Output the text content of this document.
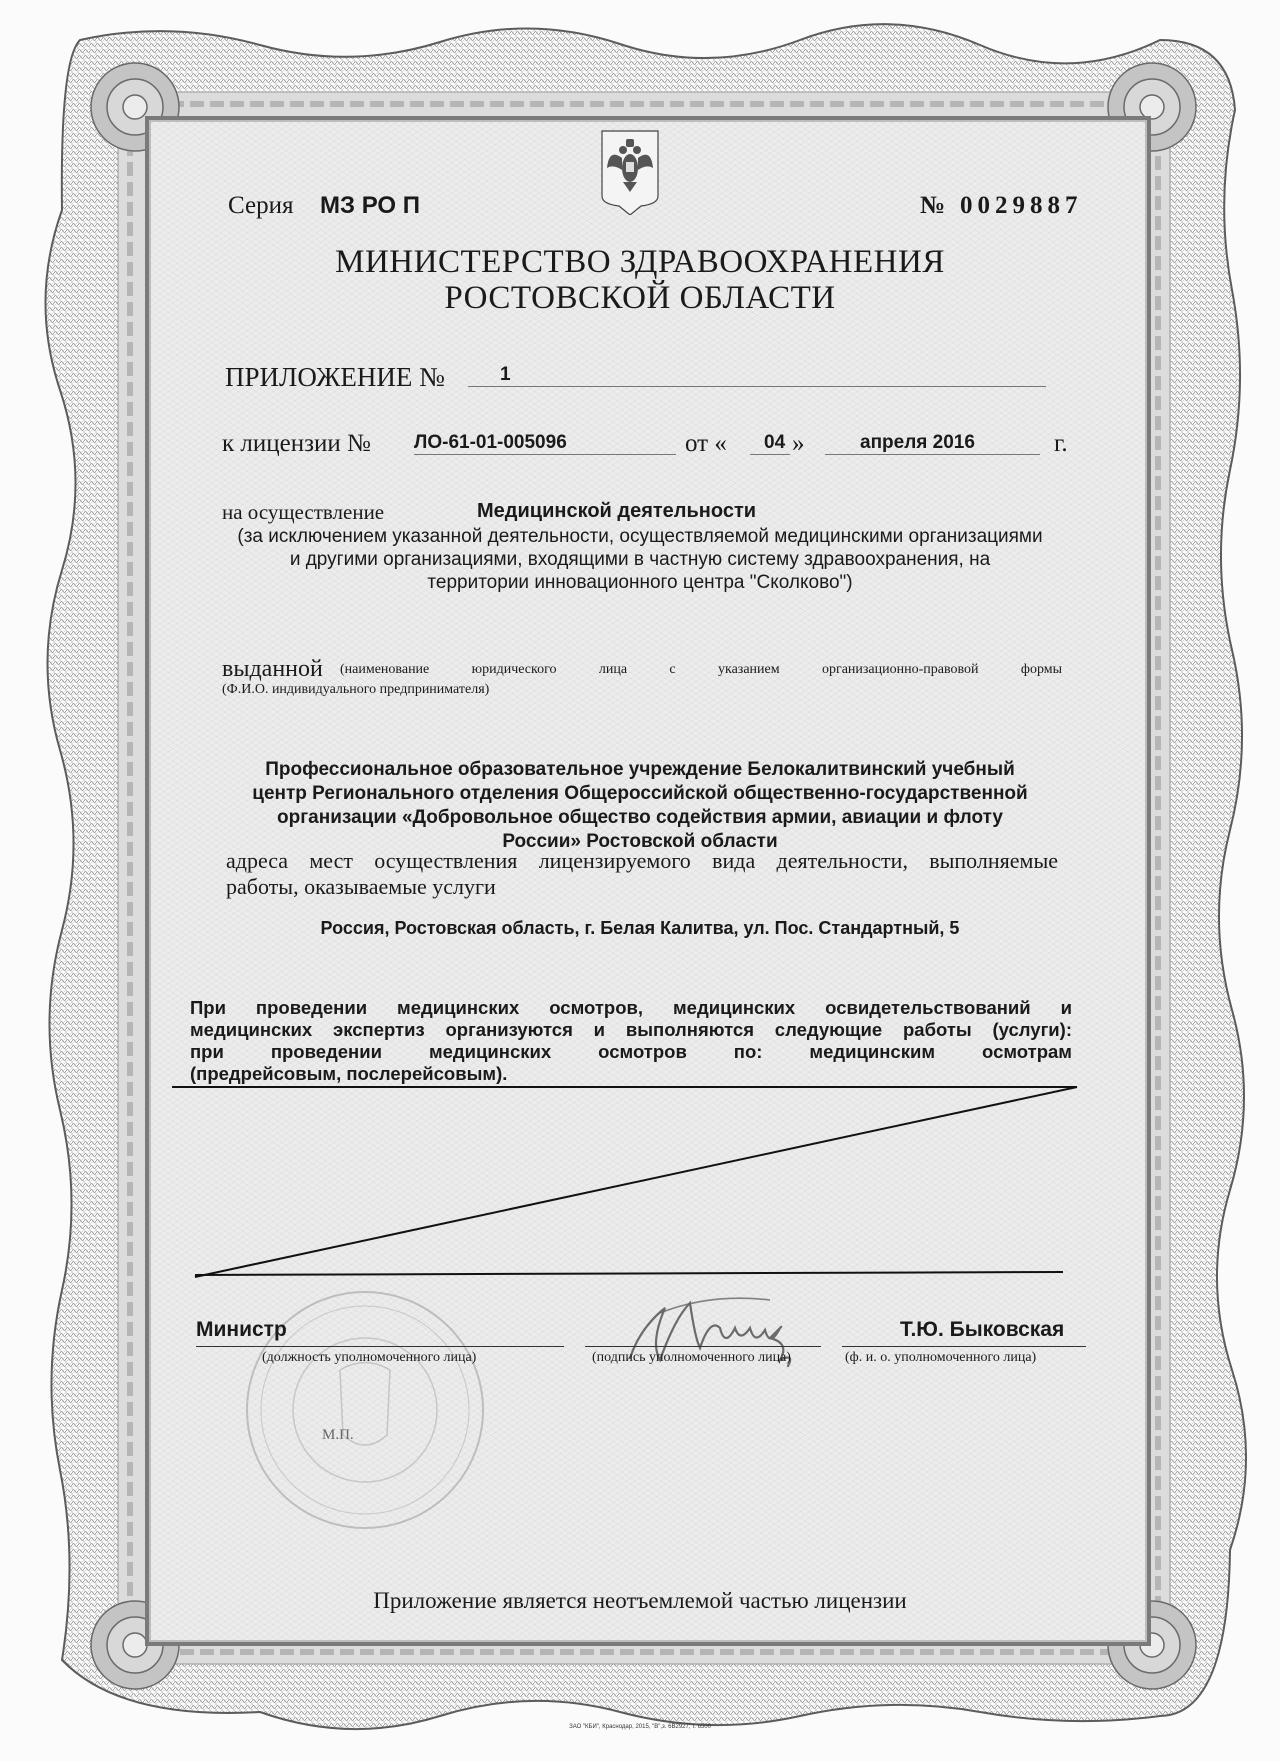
Серия МЗ РО П	№ 0029887
МИНИСТЕРСТВО ЗДРАВООХРАНЕНИЯ
РОСТОВСКОЙ ОБЛАСТИ
ПРИЛОЖЕНИЕ №	1
к лицензии № ЛО-61-01-005096	от « 04 »	апреля 2016	г.
на осуществление	Медицинской деятельности
(за исключением указанной деятельности, осуществляемой медицинскими организациями
и другими организациями, входящими в частную систему здравоохранения, на
территории инновационного центра "Сколково")
выданной (наименование юридического лица с указанием организационно-правовой формы
(Ф.И.О. индивидуального предпринимателя)
Профессиональное образовательное учреждение Белокалитвинский учебный
центр Регионального отделения Общероссийской общественно-государственной
организации «Добровольное общество содействия армии, авиации и флоту
России» Ростовской области
адреса мест осуществления лицензируемого вида деятельности, выполняемые
работы, оказываемые услуги
Россия, Ростовская область, г. Белая Калитва, ул. Пос. Стандартный, 5
При проведении медицинских осмотров, медицинских освидетельствований и
медицинских экспертиз организуются и выполняются следующие работы (услуги):
при проведении медицинских осмотров по: медицинским осмотрам
(предрейсовым, послерейсовым).
М.П.
Министр
(должность уполномоченного лица)	(подпись уполномоченного лица)
Т.Ю. Быковская
(ф. и. о. уполномоченного лица)
Приложение является неотъемлемой частью лицензии
ЗАО "КБИ", Краснодар, 2015, "В",з. 6В2927, т. 6500
